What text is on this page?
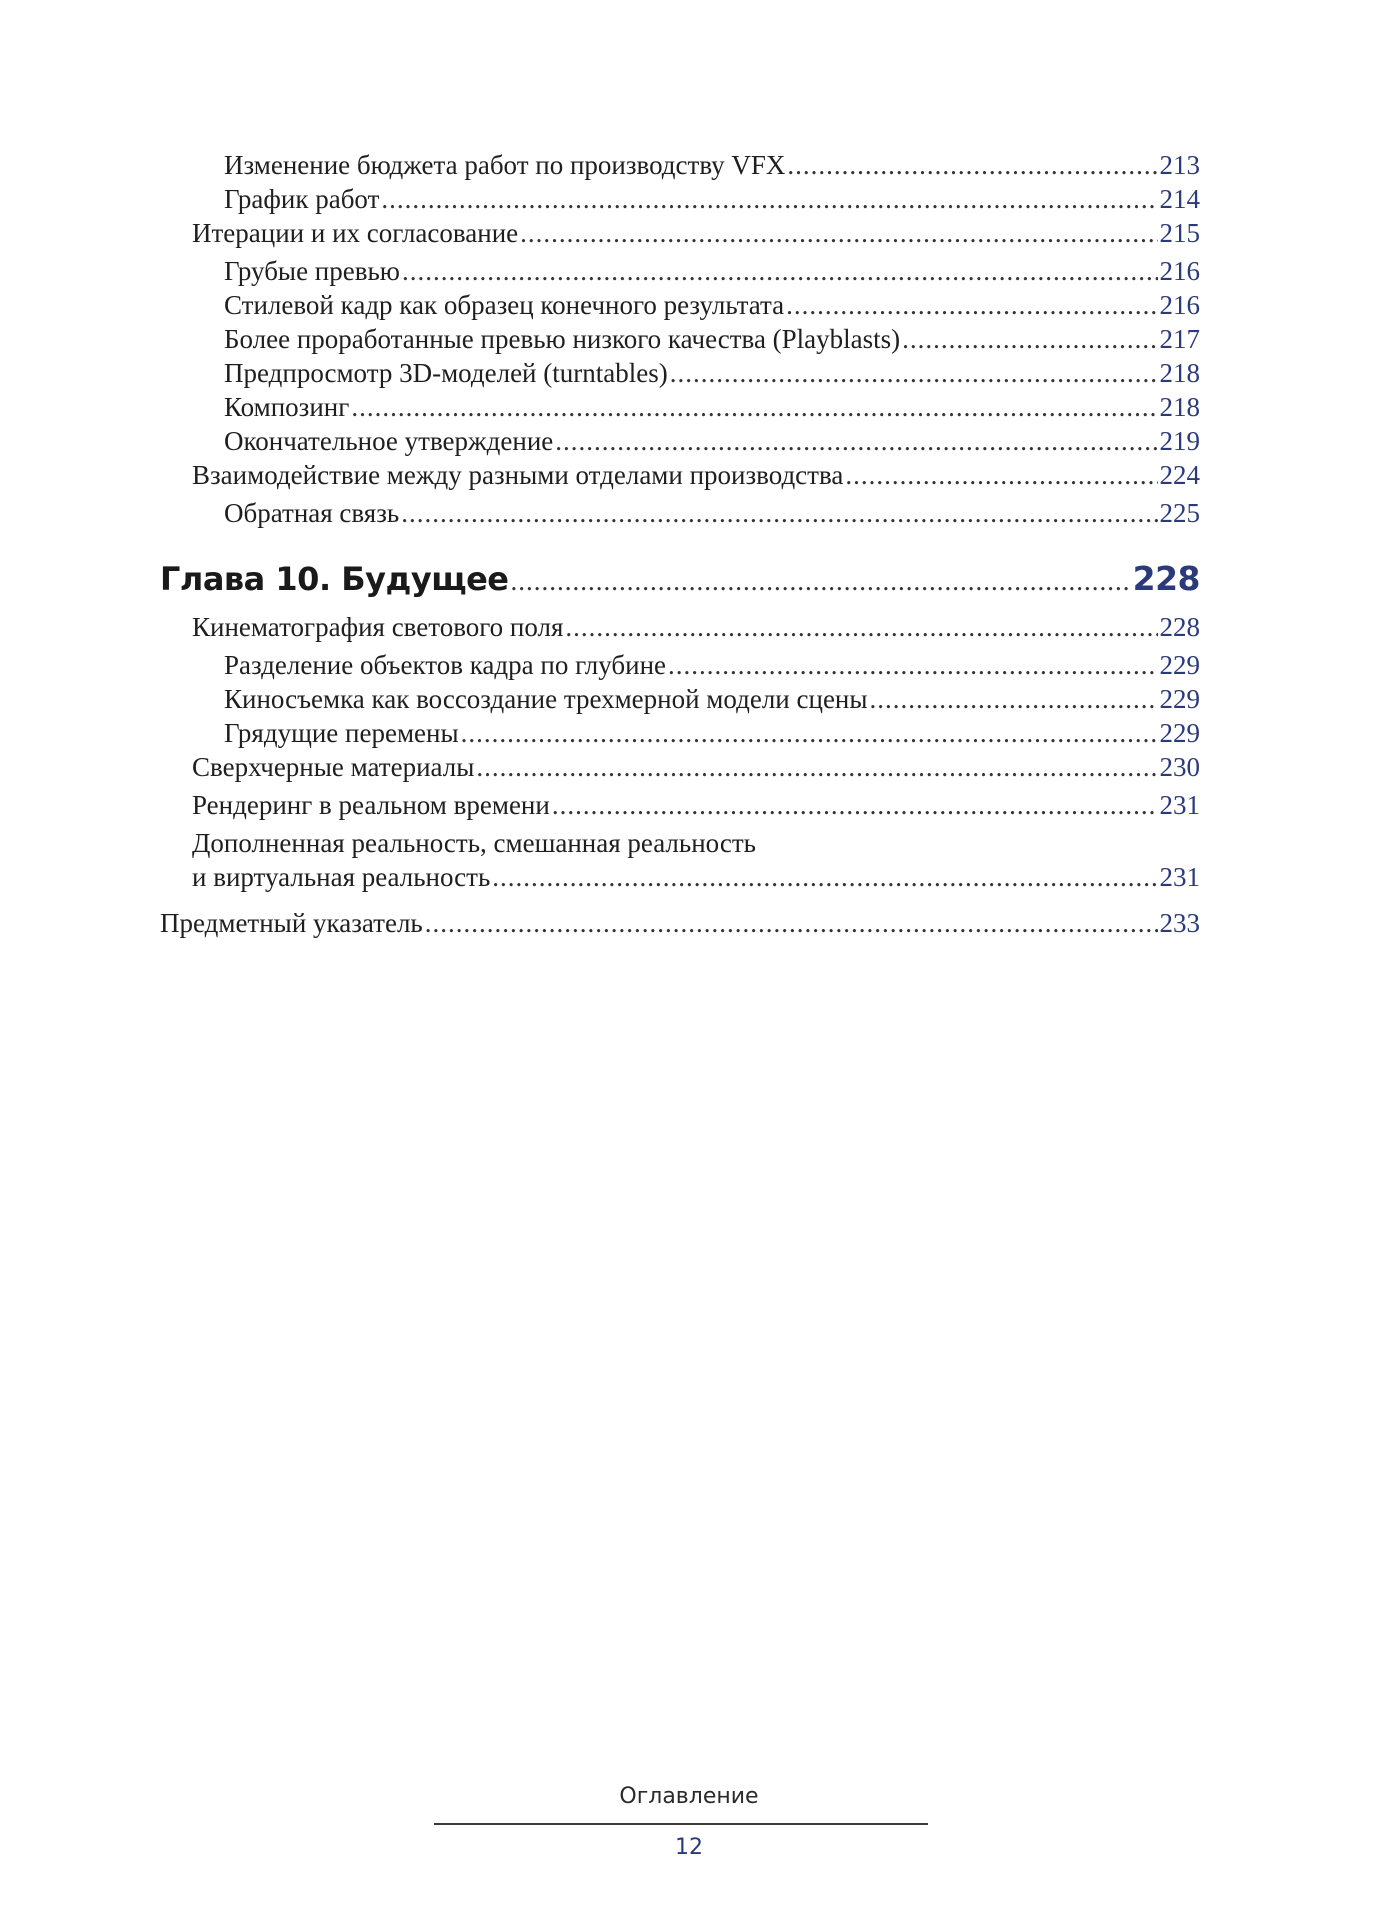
Изменение бюджета работ по производству VFX .....	213
График работ .....	214
Итерации и их согласование .....	215
Грубые превью .....	216
Стилевой кадр как образец конечного результата .....	216
Более проработанные превью низкого качества (Playblasts) .....	217
Предпросмотр 3D-моделей (turntables) .....	218
Композинг .....	218
Окончательное утверждение .....	219
Взаимодействие между разными отделами производства .....	224
Обратная связь .....	225
Глава 10. Будущее .....	228
Кинематография светового поля .....	228
Разделение объектов кадра по глубине .....	229
Киносъемка как воссоздание трехмерной модели сцены .....	229
Грядущие перемены .....	229
Сверхчерные материалы .....	230
Рендеринг в реальном времени .....	231
Дополненная реальность, смешанная реальность
и виртуальная реальность .....	231
Предметный указатель .....	233
Оглавление
12
